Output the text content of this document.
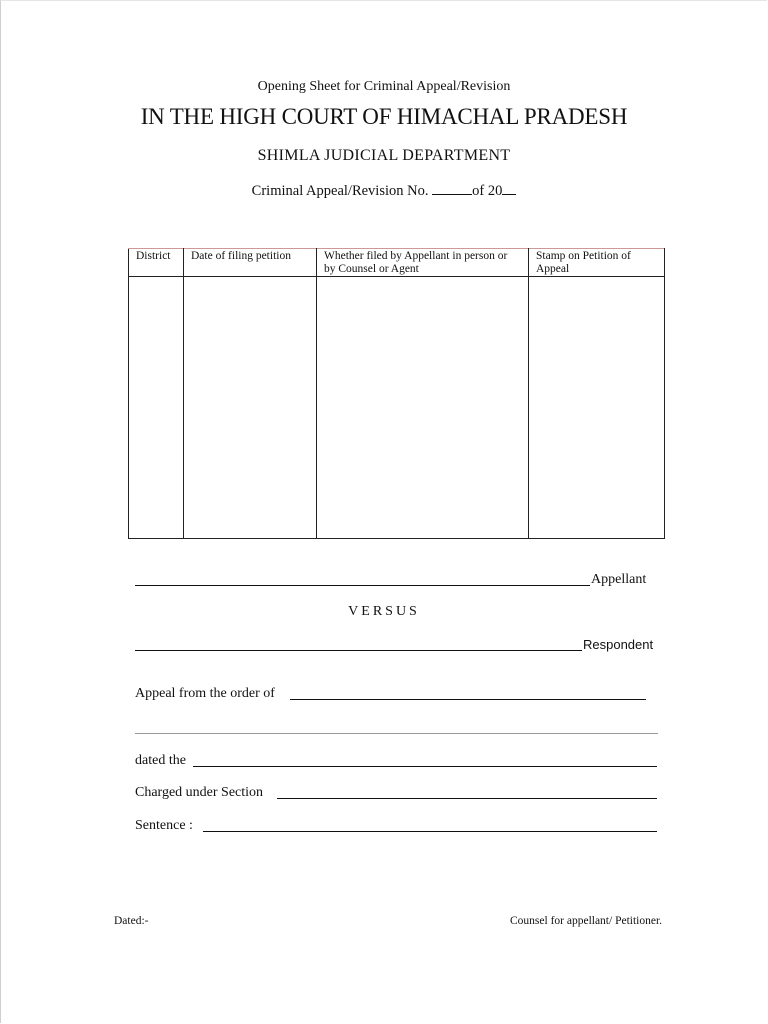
Opening Sheet for Criminal Appeal/Revision
IN THE HIGH COURT OF HIMACHAL PRADESH
SHIMLA JUDICIAL DEPARTMENT
Criminal Appeal/Revision No.	of 20
District	Date of filing petition	Whether filed by Appellant in person or by Counsel or Agent	Stamp on Petition of Appeal

Appellant
VERSUS
Respondent
Appeal from the order of
dated the
Charged under Section
Sentence :
Dated:-	Counsel for appellant/ Petitioner.
